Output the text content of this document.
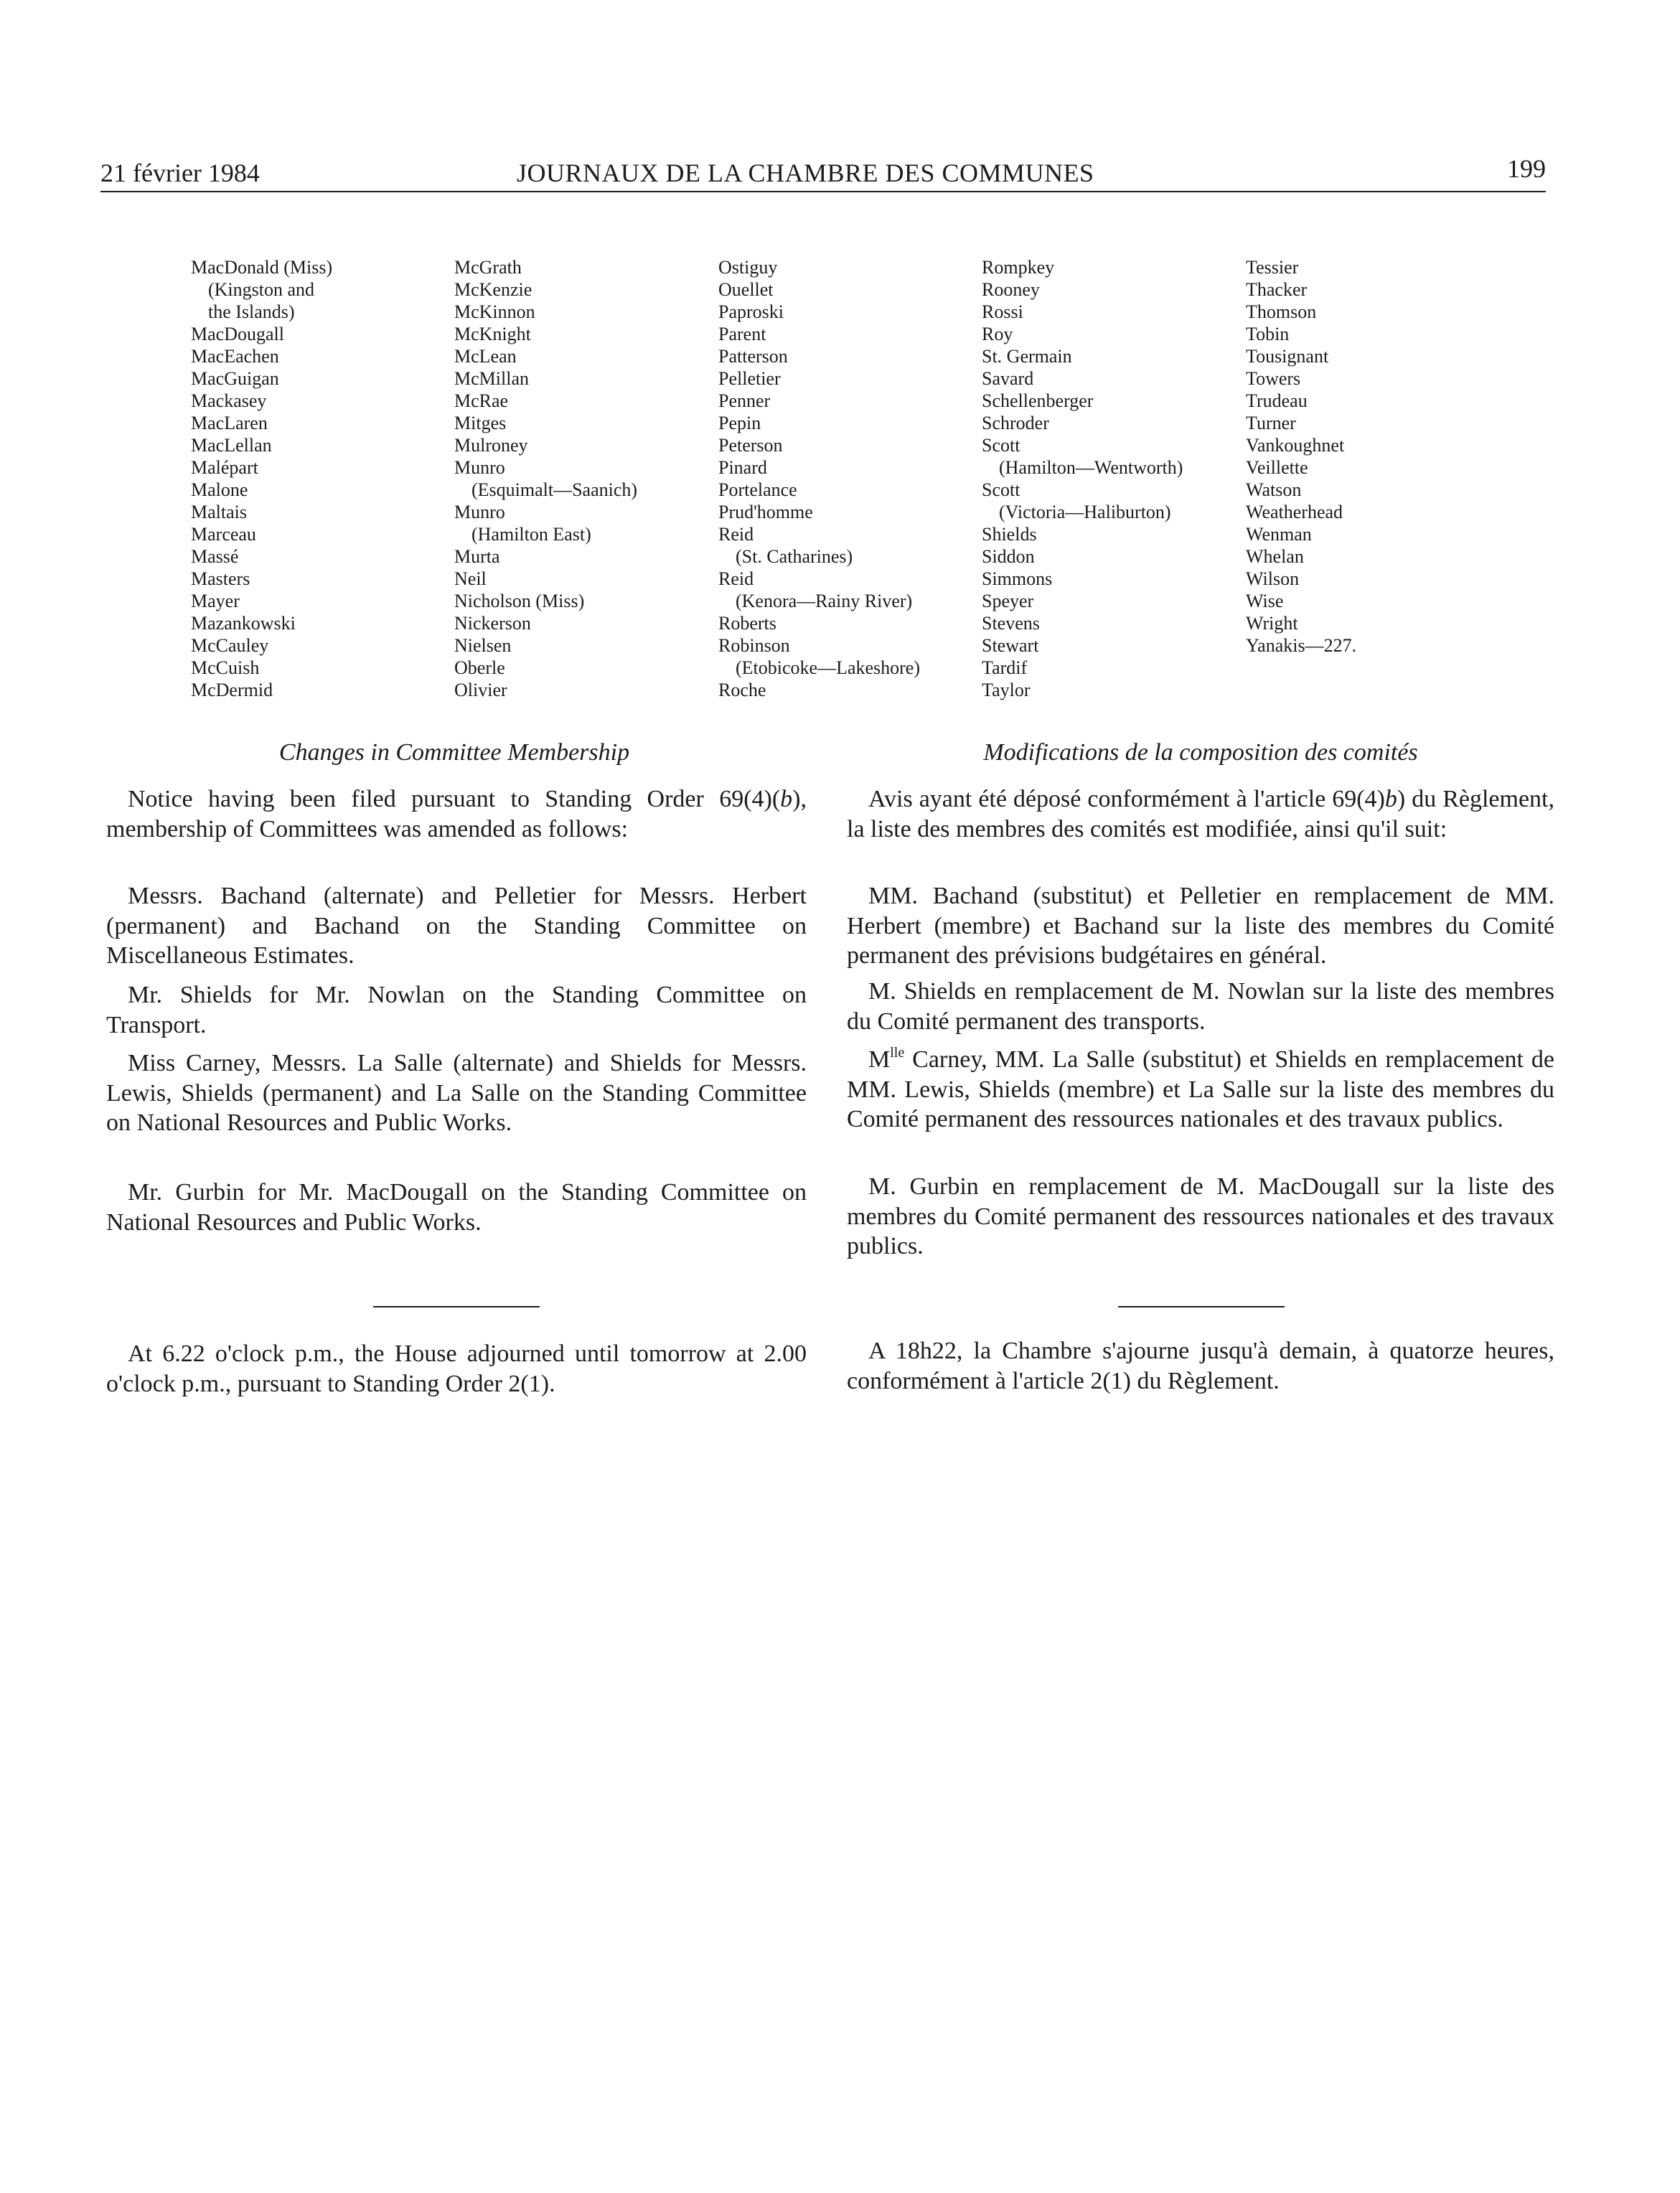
21 février 1984	JOURNAUX DE LA CHAMBRE DES COMMUNES	199
MacDonald (Miss)
(Kingston and
the Islands)
MacDougall
MacEachen
MacGuigan
Mackasey
MacLaren
MacLellan
Malépart
Malone
Maltais
Marceau
Massé
Masters
Mayer
Mazankowski
McCauley
McCuish
McDermid
McGrath
McKenzie
McKinnon
McKnight
McLean
McMillan
McRae
Mitges
Mulroney
Munro
(Esquimalt—Saanich)
Munro
(Hamilton East)
Murta
Neil
Nicholson (Miss)
Nickerson
Nielsen
Oberle
Olivier
Ostiguy
Ouellet
Paproski
Parent
Patterson
Pelletier
Penner
Pepin
Peterson
Pinard
Portelance
Prud'homme
Reid
(St. Catharines)
Reid
(Kenora—Rainy River)
Roberts
Robinson
(Etobicoke—Lakeshore)
Roche
Rompkey
Rooney
Rossi
Roy
St. Germain
Savard
Schellenberger
Schroder
Scott
(Hamilton—Wentworth)
Scott
(Victoria—Haliburton)
Shields
Siddon
Simmons
Speyer
Stevens
Stewart
Tardif
Taylor
Tessier
Thacker
Thomson
Tobin
Tousignant
Towers
Trudeau
Turner
Vankoughnet
Veillette
Watson
Weatherhead
Wenman
Whelan
Wilson
Wise
Wright
Yanakis—227.
Changes in Committee Membership
Notice having been filed pursuant to Standing Order 69(4)(b), membership of Committees was amended as follows:
Messrs. Bachand (alternate) and Pelletier for Messrs. Herbert (permanent) and Bachand on the Standing Committee on Miscellaneous Estimates.
Mr. Shields for Mr. Nowlan on the Standing Committee on Transport.
Miss Carney, Messrs. La Salle (alternate) and Shields for Messrs. Lewis, Shields (permanent) and La Salle on the Standing Committee on National Resources and Public Works.
Mr. Gurbin for Mr. MacDougall on the Standing Committee on National Resources and Public Works.
At 6.22 o'clock p.m., the House adjourned until tomorrow at 2.00 o'clock p.m., pursuant to Standing Order 2(1).
Modifications de la composition des comités
Avis ayant été déposé conformément à l'article 69(4)b) du Règlement, la liste des membres des comités est modifiée, ainsi qu'il suit:
MM. Bachand (substitut) et Pelletier en remplacement de MM. Herbert (membre) et Bachand sur la liste des membres du Comité permanent des prévisions budgétaires en général.
M. Shields en remplacement de M. Nowlan sur la liste des membres du Comité permanent des transports.
$M^{lle}$ Carney, MM. La Salle (substitut) et Shields en remplacement de MM. Lewis, Shields (membre) et La Salle sur la liste des membres du Comité permanent des ressources nationales et des travaux publics.
M. Gurbin en remplacement de M. MacDougall sur la liste des membres du Comité permanent des ressources nationales et des travaux publics.
A 18h22, la Chambre s'ajourne jusqu'à demain, à quatorze heures, conformément à l'article 2(1) du Règlement.
